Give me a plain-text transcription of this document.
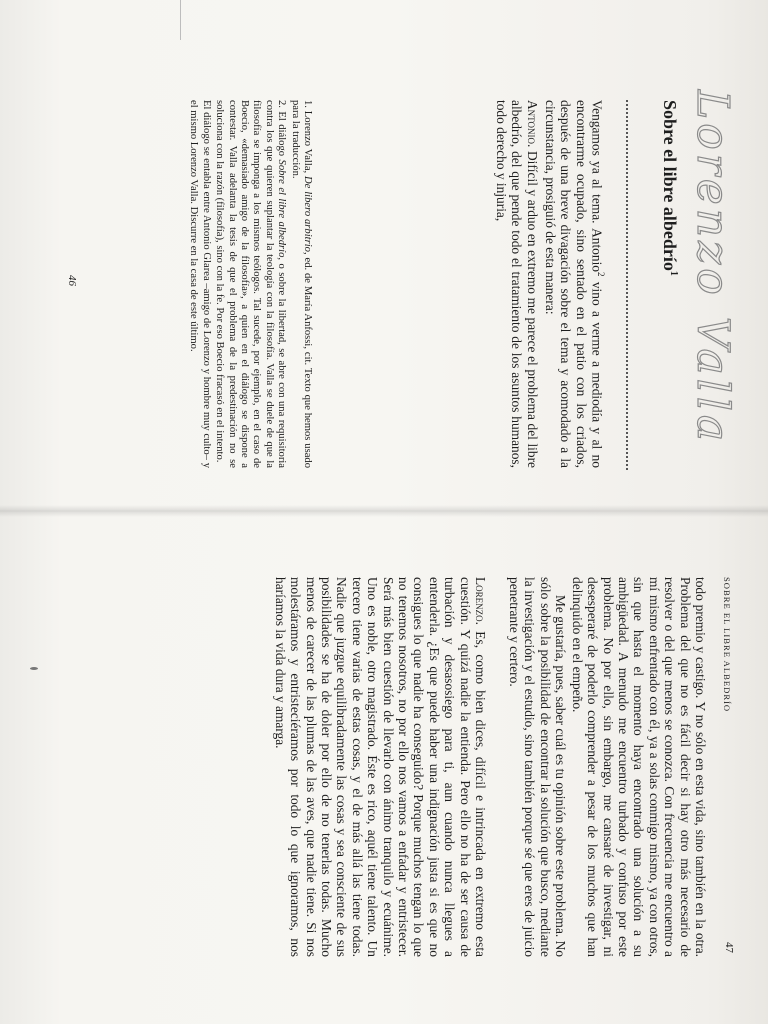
Lorenzo Valla
Sobre el libre albedrío$^1$

Vengamos ya al tema. Antonio$^2$ vino a verme a mediodía y al no encontrarme ocupado, sino sentado en el patio con los criados, después de una breve divagación sobre el tema y acomodado a la circunstancia, prosiguió de esta manera:

Antonio. Difícil y arduo en extremo me parece el problema del libre albedrío, del que pende todo el tratamiento de los asuntos humanos, todo derecho y injuria,

1. Lorenzo Valla, De libero arbitrio, ed. de María Anfossi, cit. Texto que hemos usado para la traducción.

2. El diálogo Sobre el libre albedrío, o sobre la libertad, se abre con una requisitoria contra los que quieren suplantar la teología con la filosofía. Valla se duele de que la filosofía se imponga a los mismos teólogos. Tal sucede, por ejemplo, en el caso de Boecio, «demasiado amigo de la filosofía», a quien en el diálogo se dispone a contestar. Valla adelanta la tesis de que el problema de la predestinación no se soluciona con la razón (filosofía), sino con la fe. Por eso Boecio fracasó en el intento.

El diálogo se entabla entre Antonio Glarea –amigo de Lorenzo y hombre muy culto– y el mismo Lorenzo Valla. Discurre en la casa de este último.

46
SOBRE EL LIBRE ALBEDRÍO
47

todo premio y castigo. Y no sólo en esta vida, sino también en la otra. Problema del que no es fácil decir si hay otro más necesario de resolver o del que menos se conozca. Con frecuencia me encuentro a mí mismo enfrentado con él, ya a solas conmigo mismo, ya con otros, sin que hasta el momento haya encontrado una solución a su ambigüedad. A menudo me encuentro turbado y confuso por este problema. No por ello, sin embargo, me cansaré de investigar, ni desesperaré de poderlo comprender a pesar de los muchos que han delinquido en el empeño.

Me gustaría, pues, saber cuál es tu opinión sobre este problema. No sólo sobre la posibilidad de encontrar la solución que busco, mediante la investigación y el estudio, sino también porque sé que eres de juicio penetrante y certero.

Lorenzo. Es, como bien dices, difícil e intrincada en extremo esta cuestión. Y quizá nadie la entienda. Pero ello no ha de ser causa de turbación y desasosiego para ti, aun cuando nunca llegues a entenderla. ¿Es que puede haber una indignación justa si es que no consigues lo que nadie ha conseguido? Porque muchos tengan lo que no tenemos nosotros, no por ello nos vamos a enfadar y entristecer. Será más bien cuestión de llevarlo con ánimo tranquilo y ecuánime. Uno es noble, otro magistrado. Éste es rico, aquél tiene talento. Un tercero tiene varias de estas cosas, y el de más allá las tiene todas. Nadie que juzgue equilibradamente las cosas y sea consciente de sus posibilidades se ha de doler por ello de no tenerlas todas. Mucho menos de carecer de las plumas de las aves, que nadie tiene. Si nos molestáramos y entristeciéramos por todo lo que ignoramos, nos haríamos la vida dura y amarga.
